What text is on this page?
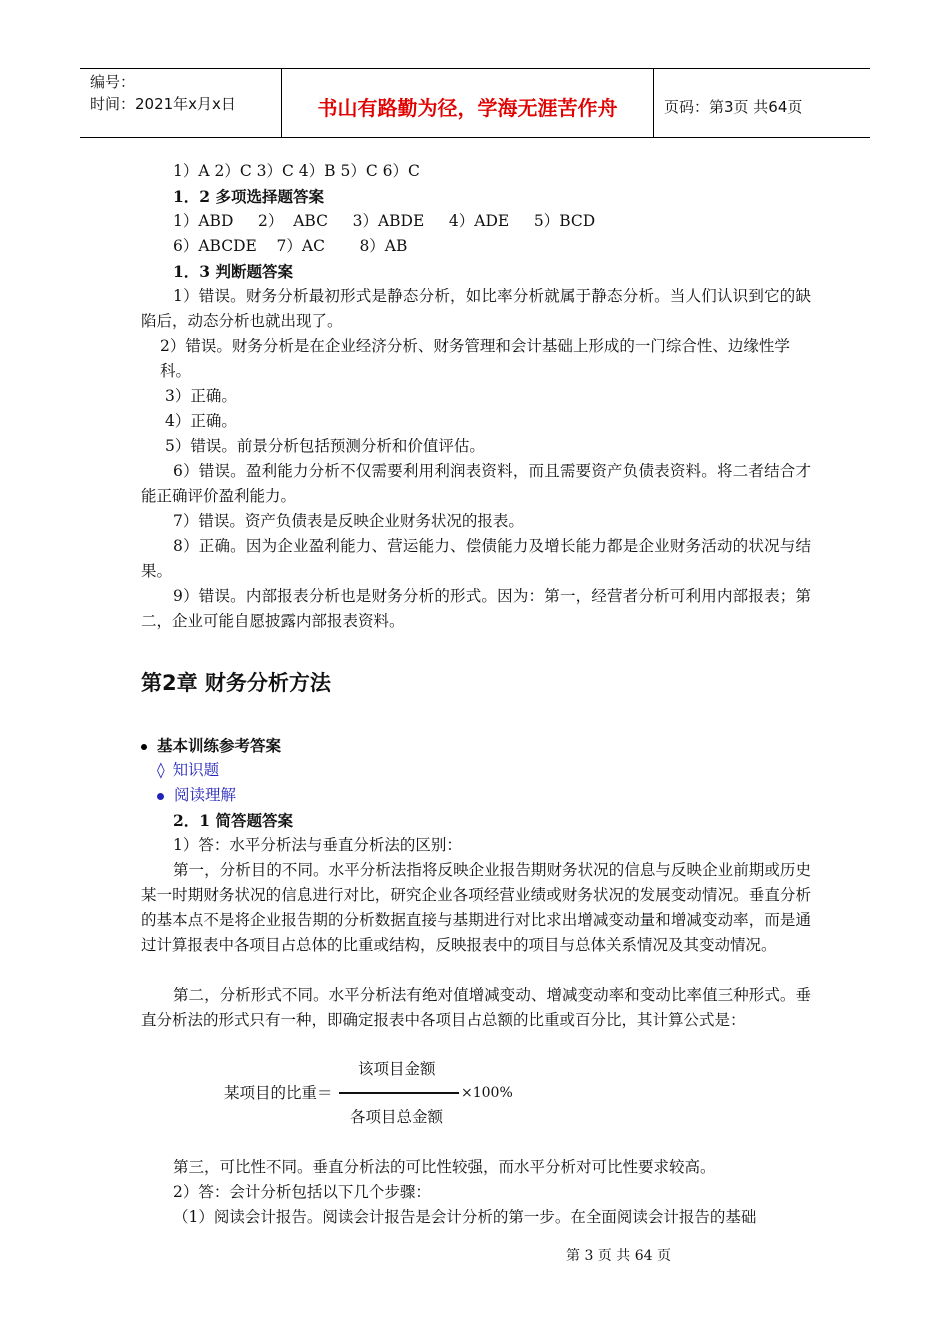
编号：
时间：2021年x月x日	书山有路勤为径，学海无涯苦作舟	页码：第3页 共64页
1）A 2）C 3）C 4）B 5）C 6）C
1．2 多项选择题答案
1）ABD     2）  ABC     3）ABDE     4）ADE     5）BCD
6）ABCDE    7）AC       8）AB
1．3 判断题答案
1）错误。财务分析最初形式是静态分析，如比率分析就属于静态分析。当人们认识到它的缺陷后，动态分析也就出现了。
2）错误。财务分析是在企业经济分析、财务管理和会计基础上形成的一门综合性、边缘性学科。
3）正确。
4）正确。
5）错误。前景分析包括预测分析和价值评估。
6）错误。盈利能力分析不仅需要利用利润表资料，而且需要资产负债表资料。将二者结合才能正确评价盈利能力。
7）错误。资产负债表是反映企业财务状况的报表。
8）正确。因为企业盈利能力、营运能力、偿债能力及增长能力都是企业财务活动的状况与结果。
9）错误。内部报表分析也是财务分析的形式。因为：第一，经营者分析可利用内部报表；第二，企业可能自愿披露内部报表资料。
第2章 财务分析方法
基本训练参考答案
◊ 知识题
阅读理解
2．1 简答题答案
1）答：水平分析法与垂直分析法的区别：
第一，分析目的不同。水平分析法指将反映企业报告期财务状况的信息与反映企业前期或历史某一时期财务状况的信息进行对比，研究企业各项经营业绩或财务状况的发展变动情况。垂直分析的基本点不是将企业报告期的分析数据直接与基期进行对比求出增减变动量和增减变动率，而是通过计算报表中各项目占总体的比重或结构，反映报表中的项目与总体关系情况及其变动情况。
第二，分析形式不同。水平分析法有绝对值增减变动、增减变动率和变动比率值三种形式。垂直分析法的形式只有一种，即确定报表中各项目占总额的比重或百分比，其计算公式是：
该项目金额
某项目的比重＝	×100%
各项目总金额
第三，可比性不同。垂直分析法的可比性较强，而水平分析对可比性要求较高。
2）答：会计分析包括以下几个步骤：
（1）阅读会计报告。阅读会计报告是会计分析的第一步。在全面阅读会计报告的基础
第 3 页 共 64 页
